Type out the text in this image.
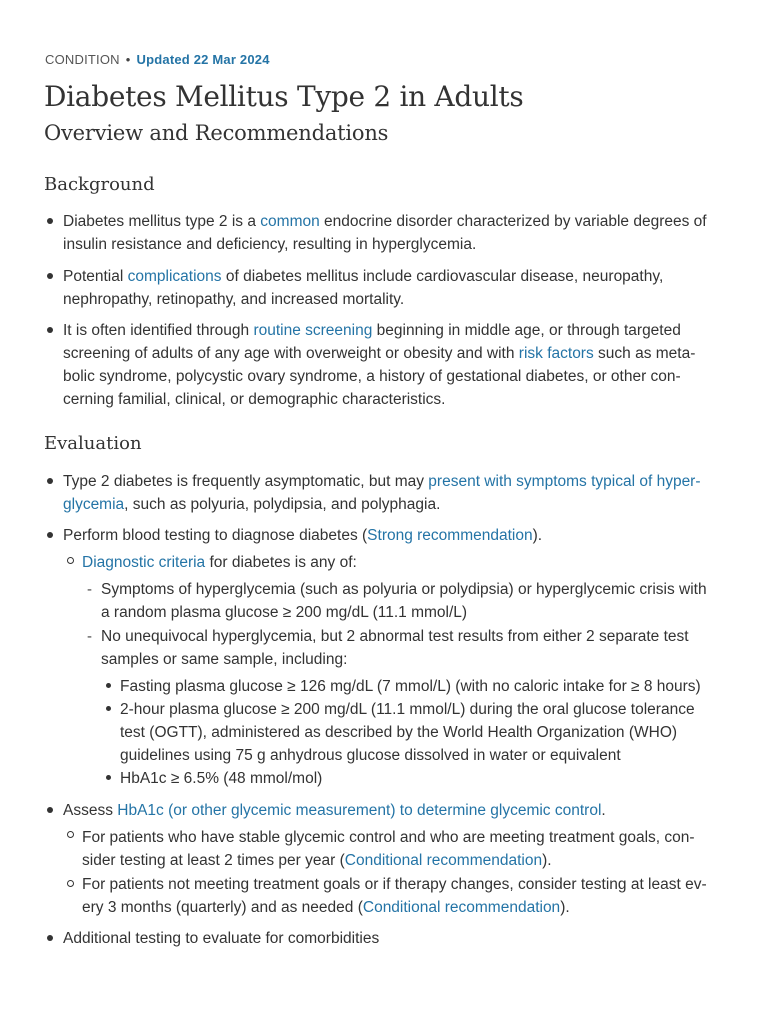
CONDITION • Updated 22 Mar 2024
Diabetes Mellitus Type 2 in Adults
Overview and Recommendations
Background
Diabetes mellitus type 2 is a common endocrine disorder characterized by variable degrees of
insulin resistance and deficiency, resulting in hyperglycemia.
Potential complications of diabetes mellitus include cardiovascular disease, neuropathy,
nephropathy, retinopathy, and increased mortality.
It is often identified through routine screening beginning in middle age, or through targeted
screening of adults of any age with overweight or obesity and with risk factors such as meta-
bolic syndrome, polycystic ovary syndrome, a history of gestational diabetes, or other con-
cerning familial, clinical, or demographic characteristics.
Evaluation
Type 2 diabetes is frequently asymptomatic, but may present with symptoms typical of hyper-
glycemia, such as polyuria, polydipsia, and polyphagia.
Perform blood testing to diagnose diabetes (Strong recommendation).
Diagnostic criteria for diabetes is any of:
- Symptoms of hyperglycemia (such as polyuria or polydipsia) or hyperglycemic crisis with
a random plasma glucose ≥ 200 mg/dL (11.1 mmol/L)
- No unequivocal hyperglycemia, but 2 abnormal test results from either 2 separate test
samples or same sample, including:
Fasting plasma glucose ≥ 126 mg/dL (7 mmol/L) (with no caloric intake for ≥ 8 hours)
2-hour plasma glucose ≥ 200 mg/dL (11.1 mmol/L) during the oral glucose tolerance
test (OGTT), administered as described by the World Health Organization (WHO)
guidelines using 75 g anhydrous glucose dissolved in water or equivalent
HbA1c ≥ 6.5% (48 mmol/mol)
Assess HbA1c (or other glycemic measurement) to determine glycemic control.
For patients who have stable glycemic control and who are meeting treatment goals, con-
sider testing at least 2 times per year (Conditional recommendation).
For patients not meeting treatment goals or if therapy changes, consider testing at least ev-
ery 3 months (quarterly) and as needed (Conditional recommendation).
Additional testing to evaluate for comorbidities
